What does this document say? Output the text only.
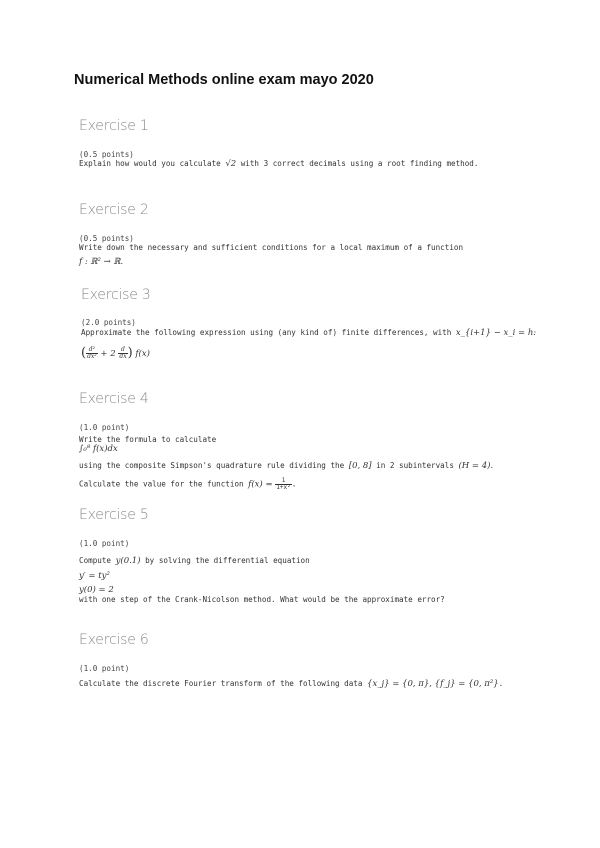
Numerical Methods online exam mayo 2020
Exercise 1
(0.5 points)
Explain how would you calculate √2 with 3 correct decimals using a root finding method.
Exercise 2
(0.5 points)
Write down the necessary and sufficient conditions for a local maximum of a function
f : ℝ² → ℝ.
Exercise 3
(2.0 points)
Approximate the following expression using (any kind of) finite differences, with x_{i+1} − x_i = h:
( $\frac{\text{d²}}{\text{dx²}} + 2 \frac{d}{dx}$ ) f(x)
Exercise 4
(1.0 point)
Write the formula to calculate
∫₀⁸ f(x)dx
using the composite Simpson's quadrature rule dividing the [0, 8] in 2 subintervals (H = 4).
Calculate the value for the function $f(x) = \frac{1}{\text{1+x²}}$ .
Exercise 5
(1.0 point)
Compute y(0.1) by solving the differential equation
y′ = ty²
y(0) = 2
with one step of the Crank-Nicolson method. What would be the approximate error?
Exercise 6
(1.0 point)
Calculate the discrete Fourier transform of the following data {x_j} = {0, π}, {f_j} = {0, π²}.
